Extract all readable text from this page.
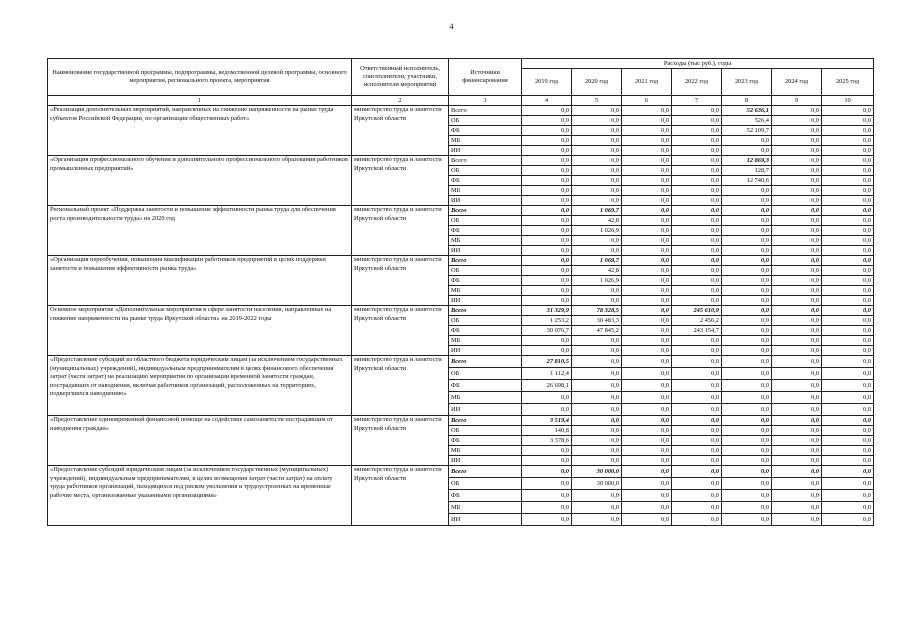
4
Наименование государственной программы, подпрограммы, ведомственной целевой программы, основного мероприятия, регионального проекта, мероприятия	Ответственный исполнитель, соисполнители, участники, исполнители мероприятий	Источники финансирования	Расходы (тыс руб.), годы						
			2019 год	2020 год	2021 год	2022 год	2023 год	2024 год	2025 год
1	2	3	4	5	6	7	8	9	10
«Реализация дополнительных мероприятий, направленных на снижение напряженности на рынке труда субъектов Российской Федерации, по организации общественных работ»	министерство труда и занятости Иркутской области	Всего	0,0	0,0	0,0	0,0	52 636,1	0,0	0,0
		ОБ	0,0	0,0	0,0	0,0	526,4	0,0	0,0
		ФБ	0,0	0,0	0,0	0,0	52 109,7	0,0	0,0
		МБ	0,0	0,0	0,0	0,0	0,0	0,0	0,0
		ИИ	0,0	0,0	0,0	0,0	0,0	0,0	0,0
«Организация профессионального обучения и дополнительного профессионального образования работников промышленных предприятий»	министерство труда и занятости Иркутской области	Всего	0,0	0,0	0,0	0,0	12 869,3	0,0	0,0
		ОБ	0,0	0,0	0,0	0,0	128,7	0,0	0,0
		ФБ	0,0	0,0	0,0	0,0	12 740,6	0,0	0,0
		МБ	0,0	0,0	0,0	0,0	0,0	0,0	0,0
		ИИ	0,0	0,0	0,0	0,0	0,0	0,0	0,0
Региональный проект «Поддержка занятости и повышение эффективности рынка труда для обеспечения роста производительности труда» на 2020 год	министерство труда и занятости Иркутской области	Всего	0,0	1 069,7	0,0	0,0	0,0	0,0	0,0
		ОБ	0,0	42,8	0,0	0,0	0,0	0,0	0,0
		ФБ	0,0	1 026,9	0,0	0,0	0,0	0,0	0,0
		МБ	0,0	0,0	0,0	0,0	0,0	0,0	0,0
		ИИ	0,0	0,0	0,0	0,0	0,0	0,0	0,0
«Организация переобучения, повышения квалификации работников предприятий в целях поддержки занятости и повышения эффективности рынка труда»	министерство труда и занятости Иркутской области	Всего	0,0	1 069,7	0,0	0,0	0,0	0,0	0,0
		ОБ	0,0	42,8	0,0	0,0	0,0	0,0	0,0
		ФБ	0,0	1 026,9	0,0	0,0	0,0	0,0	0,0
		МБ	0,0	0,0	0,0	0,0	0,0	0,0	0,0
		ИИ	0,0	0,0	0,0	0,0	0,0	0,0	0,0
Основное мероприятие «Дополнительные мероприятия в сфере занятости населения, направленные на снижение напряженности на рынке труда Иркутской области» на 2019-2022 годы	министерство труда и занятости Иркутской области	Всего	31 329,9	78 328,5	0,0	245 610,9	0,0	0,0	0,0
		ОБ	1 253,2	30 483,3	0,0	2 456,2	0,0	0,0	0,0
		ФБ	30 076,7	47 845,2	0,0	243 154,7	0,0	0,0	0,0
		МБ	0,0	0,0	0,0	0,0	0,0	0,0	0,0
		ИИ	0,0	0,0	0,0	0,0	0,0	0,0	0,0
«Предоставление субсидий из областного бюджета юридическим лицам (за исключением государственных (муниципальных) учреждений), индивидуальным предпринимателям в целях финансового обеспечения затрат (части затрат) на реализацию мероприятия по организации временной занятости граждан, пострадавших от наводнения, включая работников организаций, расположенных на территориях, подвергшихся наводнению»	министерство труда и занятости Иркутской области	Всего	27 810,5	0,0	0,0	0,0	0,0	0,0	0,0
		ОБ	1 112,4	0,0	0,0	0,0	0,0	0,0	0,0
		ФБ	26 698,1	0,0	0,0	0,0	0,0	0,0	0,0
		МБ	0,0	0,0	0,0	0,0	0,0	0,0	0,0
		ИИ	0,0	0,0	0,0	0,0	0,0	0,0	0,0
«Предоставление единовременной финансовой помощи на содействие самозанятости пострадавшим от наводнения граждан»	министерство труда и занятости Иркутской области	Всего	3 519,4	0,0	0,0	0,0	0,0	0,0	0,0
		ОБ	140,8	0,0	0,0	0,0	0,0	0,0	0,0
		ФБ	3 378,6	0,0	0,0	0,0	0,0	0,0	0,0
		МБ	0,0	0,0	0,0	0,0	0,0	0,0	0,0
		ИИ	0,0	0,0	0,0	0,0	0,0	0,0	0,0
«Предоставление субсидий юридическим лицам (за исключением государственных (муниципальных) учреждений), индивидуальным предпринимателям, в целях возмещения затрат (части затрат) на оплату труда работников организаций, находящихся под риском увольнения и трудоустроенных на временные рабочие места, организованные указанными организациями»	министерство труда и занятости Иркутской области	Всего	0,0	30 000,0	0,0	0,0	0,0	0,0	0,0
		ОБ	0,0	30 000,0	0,0	0,0	0,0	0,0	0,0
		ФБ	0,0	0,0	0,0	0,0	0,0	0,0	0,0
		МБ	0,0	0,0	0,0	0,0	0,0	0,0	0,0
		ИИ	0,0	0,0	0,0	0,0	0,0	0,0	0,0
